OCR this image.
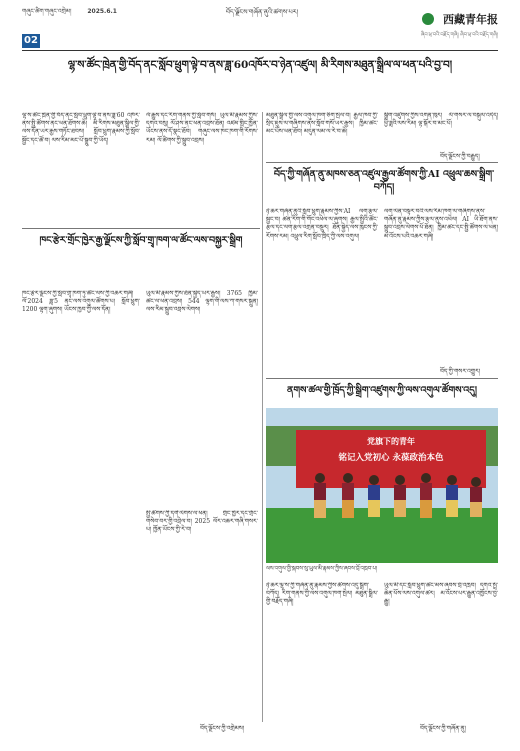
གཞུང་ཚིག་གཞུང་འགྲེམ།	2025.6.1	བོད་ལྗོངས་གཞོན་ནུའི་ཚགས་པར།
西藏青年报
ཞིབ་ཕྲ་བའི་བརྗོད་གཞི། ཞིབ་ཕྲ་བའི་བརྗོད་གཞི།
02
ལྷ་ས་ཚོང་ཁྲེན་གྱི་བོད་ནང་སློབ་ཕྲུག་ལྟེ་བ་ནས་ཟླ་60འཁོར་བ་ཉེན་འཛུལ། མི་རིགས་མཐུན་སྒྲིལ་ལ་ཕན་པའི་བྱ་བ།

ལྷ་ས་ཚོང་ཁྲེན་གྱི་བོད་ནང་སློབ་ཕྲུག་ལྟེ་བ་ནས་ཟླ་60 འཁོར་ནས་སྤྱི་ཚོགས་ནང་ཕན་ཐོགས་ཆེ། མི་རིགས་མཐུན་སྒྲིལ་གྱི་ལས་དོན་ཡར་རྒྱས་གཏོང་ཐབས། སློབ་ཕྲུག་རྣམས་ཀྱི་སློབ་སྦྱོང་དང་ཚོ་བ། ལས་རིམ་མང་པོ་སྒྲུབ་ཀྱི་ཡོད།

ལོ་རྒྱུས་དང་རིག་གནས་ཀྱི་སློབ་གསོ། ཡུལ་མི་རྣམས་ཀྱིས་དགའ་བསུ། ལོ་ཤས་ནང་ཕན་འབྲས་ཐོན། འཛམ་གླིང་ཁྱོན་ཡོངས་ནས་དོ་སྣང་ཐོབ། གཞུང་ལས་ཁང་ཁག་གི་རོགས་རམ། ལོ་ཚིགས་ཀྱི་སྒྲུབ་འབྲས།

མཐུན་སྒྲིལ་གྱི་ལས་འགུལ་ཁག་ཅིག་སྤེལ་བ། རྒྱལ་ཁབ་ཀྱི་སྲིད་ཇུས་ལ་གཞིགས་ནས་སློབ་གསོ་ཡར་རྒྱས། ཁྱིམ་ཚང་མང་པོས་ཕན་ཐོབ། མདུན་ལམ་ལ་རེ་བ་ཆེ།

སྒྲིག་འཛུགས་ཀྱིས་འགན་ཁུར། ལོ་གསར་ལ་བསྐུལ་འདེད། ཕྱི་ཟླའི་ལས་རིམ། ལྟ་སྐོར་བ་མང་པོ།

བོད་ལྗོངས་ཀྱི་བརྒྱུད།
བོད་ཀྱི་གཞོན་ནུ་མཁས་ཅན་འཛུལ་རྒྱལ་ཚོགས་ཀྱི་AI འཕྲུལ་ཆས་སྒྲིག་བཀོད།

ཉེ་ཆར་གཞོན་ནུའི་སློབ་ཕྲུག་རྣམས་ཀྱིས་AI ལག་རྩལ་སྦྱང་བ། ཚན་རིག་གི་གོང་འཕེལ་ལ་ཞུགས། རྒྱལ་སྤྱིའི་ཚོང་རྩལ་དང་ལག་རྩལ་འགྲན་བསྡུར། ཐོན་སྐྱེད་ལས་ཁུངས་ཀྱི་རོགས་རམ། འཕྲུལ་རིག་སློབ་ཁྲིད་ཀྱི་ལས་འགུལ།

ལག་ལེན་བསྟར་བའི་ལས་རིམ་ཁག་ལ་གཞིགས་ནས་གཞོན་ནུ་རྣམས་ཀྱིས་རྩལ་ནུས་འཕེལ། AI ཡི་ཐོག་ནས་སྒྲུབ་འབྲས་ལེགས་པོ་ཐོན། ཁྱིམ་ཚང་དང་སྤྱི་ཚོགས་ལ་ཕན། མ་འོངས་པའི་འཆར་གཞི།

བོད་ཀྱི་གསར་འགྱུར།
ཁང་རྩེར་གྲོང་ཁྱེར་རྒྱ་ལྗོངས་ཀྱི་སློབ་གྲྭ་ཁག་ལ་ཚོང་ལས་བསྐྱར་སྒྲིག

ཁང་རྩེར་ལྗོངས་ཀྱི་སློབ་གྲྭ་ཁག་ཏུ་ཚོང་ལས་ཀྱི་འཆར་གཞི། ལོ་2024 ཟླ་5 ནང་ལས་འགུལ་ཚོགས་པ། སློབ་ཕྲུག་1200 ལྷག་ཞུགས། ཡོངས་ཁྱབ་ཀྱི་ལས་དོན།

ཡུལ་མི་རྣམས་ཀྱིས་ཐོན་སྐྱེད་ཡར་རྒྱས། 3765 ཁྱིམ་ཚང་ལ་ཕན་འབྲས། 544 ལྷག་གི་ལས་ཀ་གསར་སྐྲུན། ལས་རིམ་སྒྲུབ་འབྲས་ལེགས།

སྤྱི་ཚོགས་ཀྱི་དགེ་ལེགས་ལ་ཕན། གྲོང་ཁྱེར་དང་གྲོང་གསེབ་བར་གྱི་འབྲེལ་བ། 2025 ལོར་འཆར་གཞི་གསར་པ། ཁྱོན་ཡོངས་ཀྱི་རེ་བ།

བོད་ལྗོངས་ཀྱི་འགྲེམས།
ནགས་ཚལ་གྱི་ཁྲོད་ཀྱི་སྒྲིག་འཛུགས་ཀྱི་ལས་འགུལ་ཚོགས་འདུ།
党旗下的青年
铭记入党初心 永葆政治本色
ལས་འགུལ་གྱི་སྐབས་སུ་ཡུལ་མི་རྣམས་ཀྱིས་ཞབས་བྲོ་འཁྲབ་པ།

ཉེ་ཆར་ལྷ་ས་ཀྱི་གཞོན་ནུ་རྣམས་ཀྱིས་ཚོགས་འདུ་སྒྲིག་བཀོད། རིག་གནས་ཀྱི་ལས་འགུལ་ཁག་སྤེལ། མཐུན་སྒྲིལ་གྱི་བརྗོད་གཞི།

ཡུལ་མི་དང་སློབ་ཕྲུག་ཚང་མས་ཞབས་བྲོ་འཁྲབ། དགའ་སྤྲོ་ཆེན་པོས་ལས་འགུལ་ཚར། མ་འོངས་པར་རྒྱུན་འཁྱོངས་བྱ་རྒྱུ།

བོད་ལྗོངས་ཀྱི་གཞོན་ནུ།
